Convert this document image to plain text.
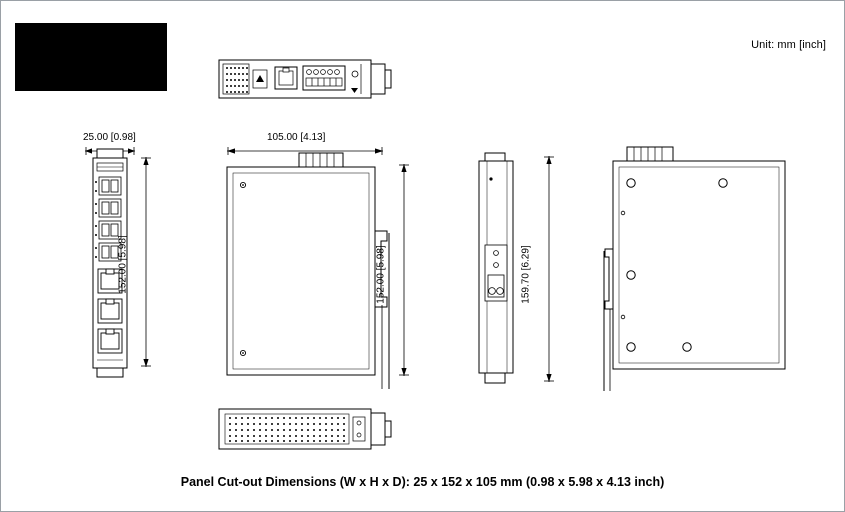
Unit: mm [inch]
25.00 [0.98]
152.00 [5.98]
105.00 [4.13]
152.00 [5.98]	159.70 [6.29]
Panel Cut-out Dimensions (W x H x D): 25 x 152 x 105 mm (0.98 x 5.98 x 4.13 inch)
